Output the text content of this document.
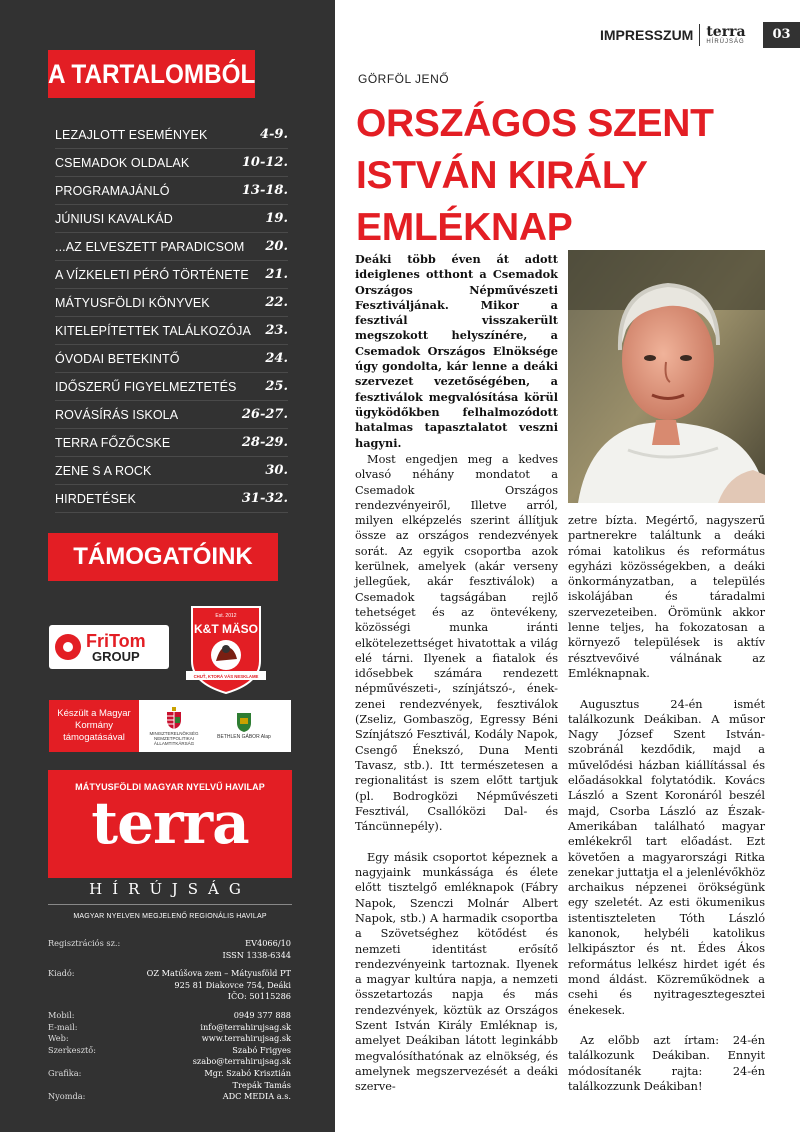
A TARTALOMBÓL
LEZAJLOTT ESEMÉNYEK	4-9.
CSEMADOK OLDALAK	10-12.
PROGRAMAJÁNLÓ	13-18.
JÚNIUSI KAVALKÁD	19.
...AZ ELVESZETT PARADICSOM 20.
A VÍZKELETI PÉRÓ TÖRTÉNETE 21.
MÁTYUSFÖLDI KÖNYVEK	22.
KITELEPÍTETTEK TALÁLKOZÓJA 23.
ÓVODAI BETEKINTŐ	24.
IDŐSZERŰ FIGYELMEZTETÉS 25.
ROVÁSÍRÁS ISKOLA	26-27.
TERRA FŐZŐCSKE	28-29.
ZENE S A ROCK	30.
HIRDETÉSEK	31-32.
TÁMOGATÓINK
FriTom
GROUP
Est. 2012
K&T MÄSO
CHUŤ, KTORÁ VÁS NESKLAME
Készült a Magyar Kormány támogatásával	MINISZTERELNÖKSÉG NEMZETPOLITIKAI ÁLLAMTITKÁRSÁG
BETHLEN GÁBOR Alap
MÁTYUSFÖLDI MAGYAR NYELVŰ HAVILAP
terra
HÍRÚJSÁG
MAGYAR NYELVEN MEGJELENŐ REGIONÁLIS HAVILAP
Regisztrációs sz.:	EV4066/10
ISSN 1338-6344
Kiadó:	OZ Matúšova zem – Mátyusföld PT
925 81 Diakovce 754, Deáki
IČO: 50115286
Mobil:	0949 377 888
E-mail:	info@terrahirujsag.sk
Web:	www.terrahirujsag.sk
Szerkesztő:	Szabó Frigyes
szabo@terrahirujsag.sk
Grafika:	Mgr. Szabó Krisztián
Trepák Tamás
Nyomda:	ADC MEDIA a.s.
IMPRESSZUM terra
HÍRÚJSÁG	03
GÖRFÖL JENŐ
ORSZÁGOS SZENT ISTVÁN KIRÁLY EMLÉKNAP

Deáki több éven át adott ideiglenes otthont a Csemadok Országos Népművészeti Fesztiváljának. Mikor a fesztivál visszakerült megszokott helyszínére, a Csemadok Országos Elnöksége úgy gondolta, kár lenne a deáki szervezet vezetőségében, a fesztiválok megvalósítása körül ügyködőkben felhalmozódott hatalmas tapasztalatot veszni hagyni.

Most engedjen meg a kedves olvasó néhány mondatot a Csemadok Országos rendezvényeiről, Illetve arról, milyen elképzelés szerint állítjuk össze az országos rendezvények sorát. Az egyik csoportba azok kerülnek, amelyek (akár verseny jellegűek, akár fesztiválok) a Csemadok tagságában rejlő tehetséget és az öntevékeny, közösségi munka iránti elkötelezettséget hivatottak a világ elé tárni. Ilyenek a fiatalok és idősebbek számára rendezett népművészeti-, színjátszó-, ének-zenei rendezvények, fesztiválok (Zseliz, Gombaszög, Egressy Béni Színjátszó Fesztivál, Kodály Napok, Csengő Énekszó, Duna Menti Tavasz, stb.). Itt természetesen a regionalitást is szem előtt tartjuk (pl. Bodrogközi Népművészeti Fesztivál, Csallóközi Dal- és Táncünnepély).

Egy másik csoportot képeznek a nagyjaink munkássága és élete előtt tisztelgő emléknapok (Fábry Napok, Szenczi Molnár Albert Napok, stb.) A harmadik csoportba a Szövetséghez kötődést és nemzeti identitást erősítő rendezvényeink tartoznak. Ilyenek a magyar kultúra napja, a nemzeti összetartozás napja és más rendezvények, köztük az Országos Szent István Király Emléknap is, amelyet Deákiban látott leginkább megvalósíthatónak az elnökség, és amelynek megszervezését a deáki szerve-

zetre bízta. Megértő, nagyszerű partnerekre találtunk a deáki római katolikus és református egyházi közösségekben, a deáki önkormányzatban, a település iskolájában és táradalmi szervezeteiben. Örömünk akkor lenne teljes, ha fokozatosan a környező települések is aktív résztvevőivé válnának az Emléknapnak.

Augusztus 24-én ismét találkozunk Deákiban. A műsor Nagy József Szent István-szobránál kezdődik, majd a művelődési házban kiállítással és előadásokkal folytatódik. Kovács László a Szent Koronáról beszél majd, Csorba László az Észak-Amerikában található magyar emlékekről tart előadást. Ezt követően a magyarországi Ritka zenekar juttatja el a jelenlévőkhöz archaikus népzenei örökségünk egy szeletét. Az esti ökumenikus istentiszteleten Tóth László kanonok, helybéli katolikus lelkipásztor és nt. Édes Ákos református lelkész hirdet igét és mond áldást. Közreműködnek a csehi és nyitragesztegesztei énekesek.

Az előbb azt írtam: 24-én találkozunk Deákiban. Ennyit módosítanék rajta: 24-én találkozzunk Deákiban!
